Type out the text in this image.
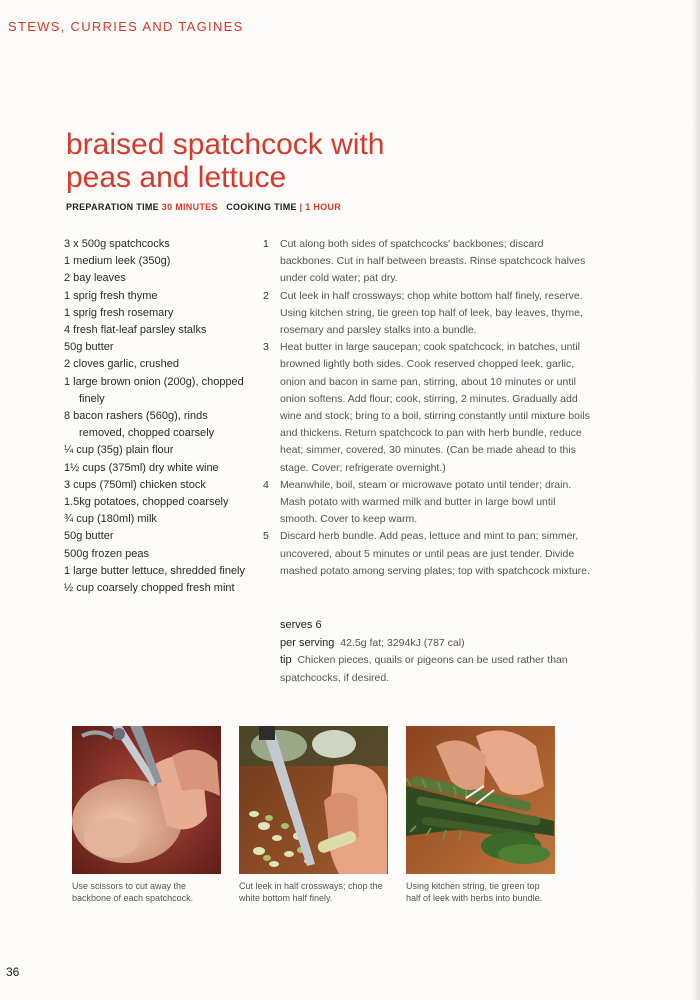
STEWS, CURRIES AND TAGINES
braised spatchcock with
peas and lettuce
PREPARATION TIME 30 MINUTES COOKING TIME | 1 HOUR
3 x 500g spatchcocks
1 medium leek (350g)
2 bay leaves
1 sprig fresh thyme
1 sprig fresh rosemary
4 fresh flat-leaf parsley stalks
50g butter
2 cloves garlic, crushed
1 large brown onion (200g), chopped finely
8 bacon rashers (560g), rinds removed, chopped coarsely
¼ cup (35g) plain flour
1½ cups (375ml) dry white wine
3 cups (750ml) chicken stock
1.5kg potatoes, chopped coarsely
¾ cup (180ml) milk
50g butter
500g frozen peas
1 large butter lettuce, shredded finely
½ cup coarsely chopped fresh mint
1 Cut along both sides of spatchcocks' backbones; discard backbones. Cut in half between breasts. Rinse spatchcock halves under cold water; pat dry.
2 Cut leek in half crossways; chop white bottom half finely, reserve. Using kitchen string, tie green top half of leek, bay leaves, thyme, rosemary and parsley stalks into a bundle.
3 Heat butter in large saucepan; cook spatchcock, in batches, until browned lightly both sides. Cook reserved chopped leek, garlic, onion and bacon in same pan, stirring, about 10 minutes or until onion softens. Add flour; cook, stirring, 2 minutes. Gradually add wine and stock; bring to a boil, stirring constantly until mixture boils and thickens. Return spatchcock to pan with herb bundle, reduce heat; simmer, covered, 30 minutes. (Can be made ahead to this stage. Cover; refrigerate overnight.)
4 Meanwhile, boil, steam or microwave potato until tender; drain. Mash potato with warmed milk and butter in large bowl until smooth. Cover to keep warm.
5 Discard herb bundle. Add peas, lettuce and mint to pan; simmer, uncovered, about 5 minutes or until peas are just tender. Divide mashed potato among serving plates; top with spatchcock mixture.
serves 6
per serving 42.5g fat; 3294kJ (787 cal)
tip Chicken pieces, quails or pigeons can be used rather than spatchcocks, if desired.
Use scissors to cut away the backbone of each spatchcock.
Cut leek in half crossways; chop the white bottom half finely.
Using kitchen string, tie green top half of leek with herbs into bundle.
36
